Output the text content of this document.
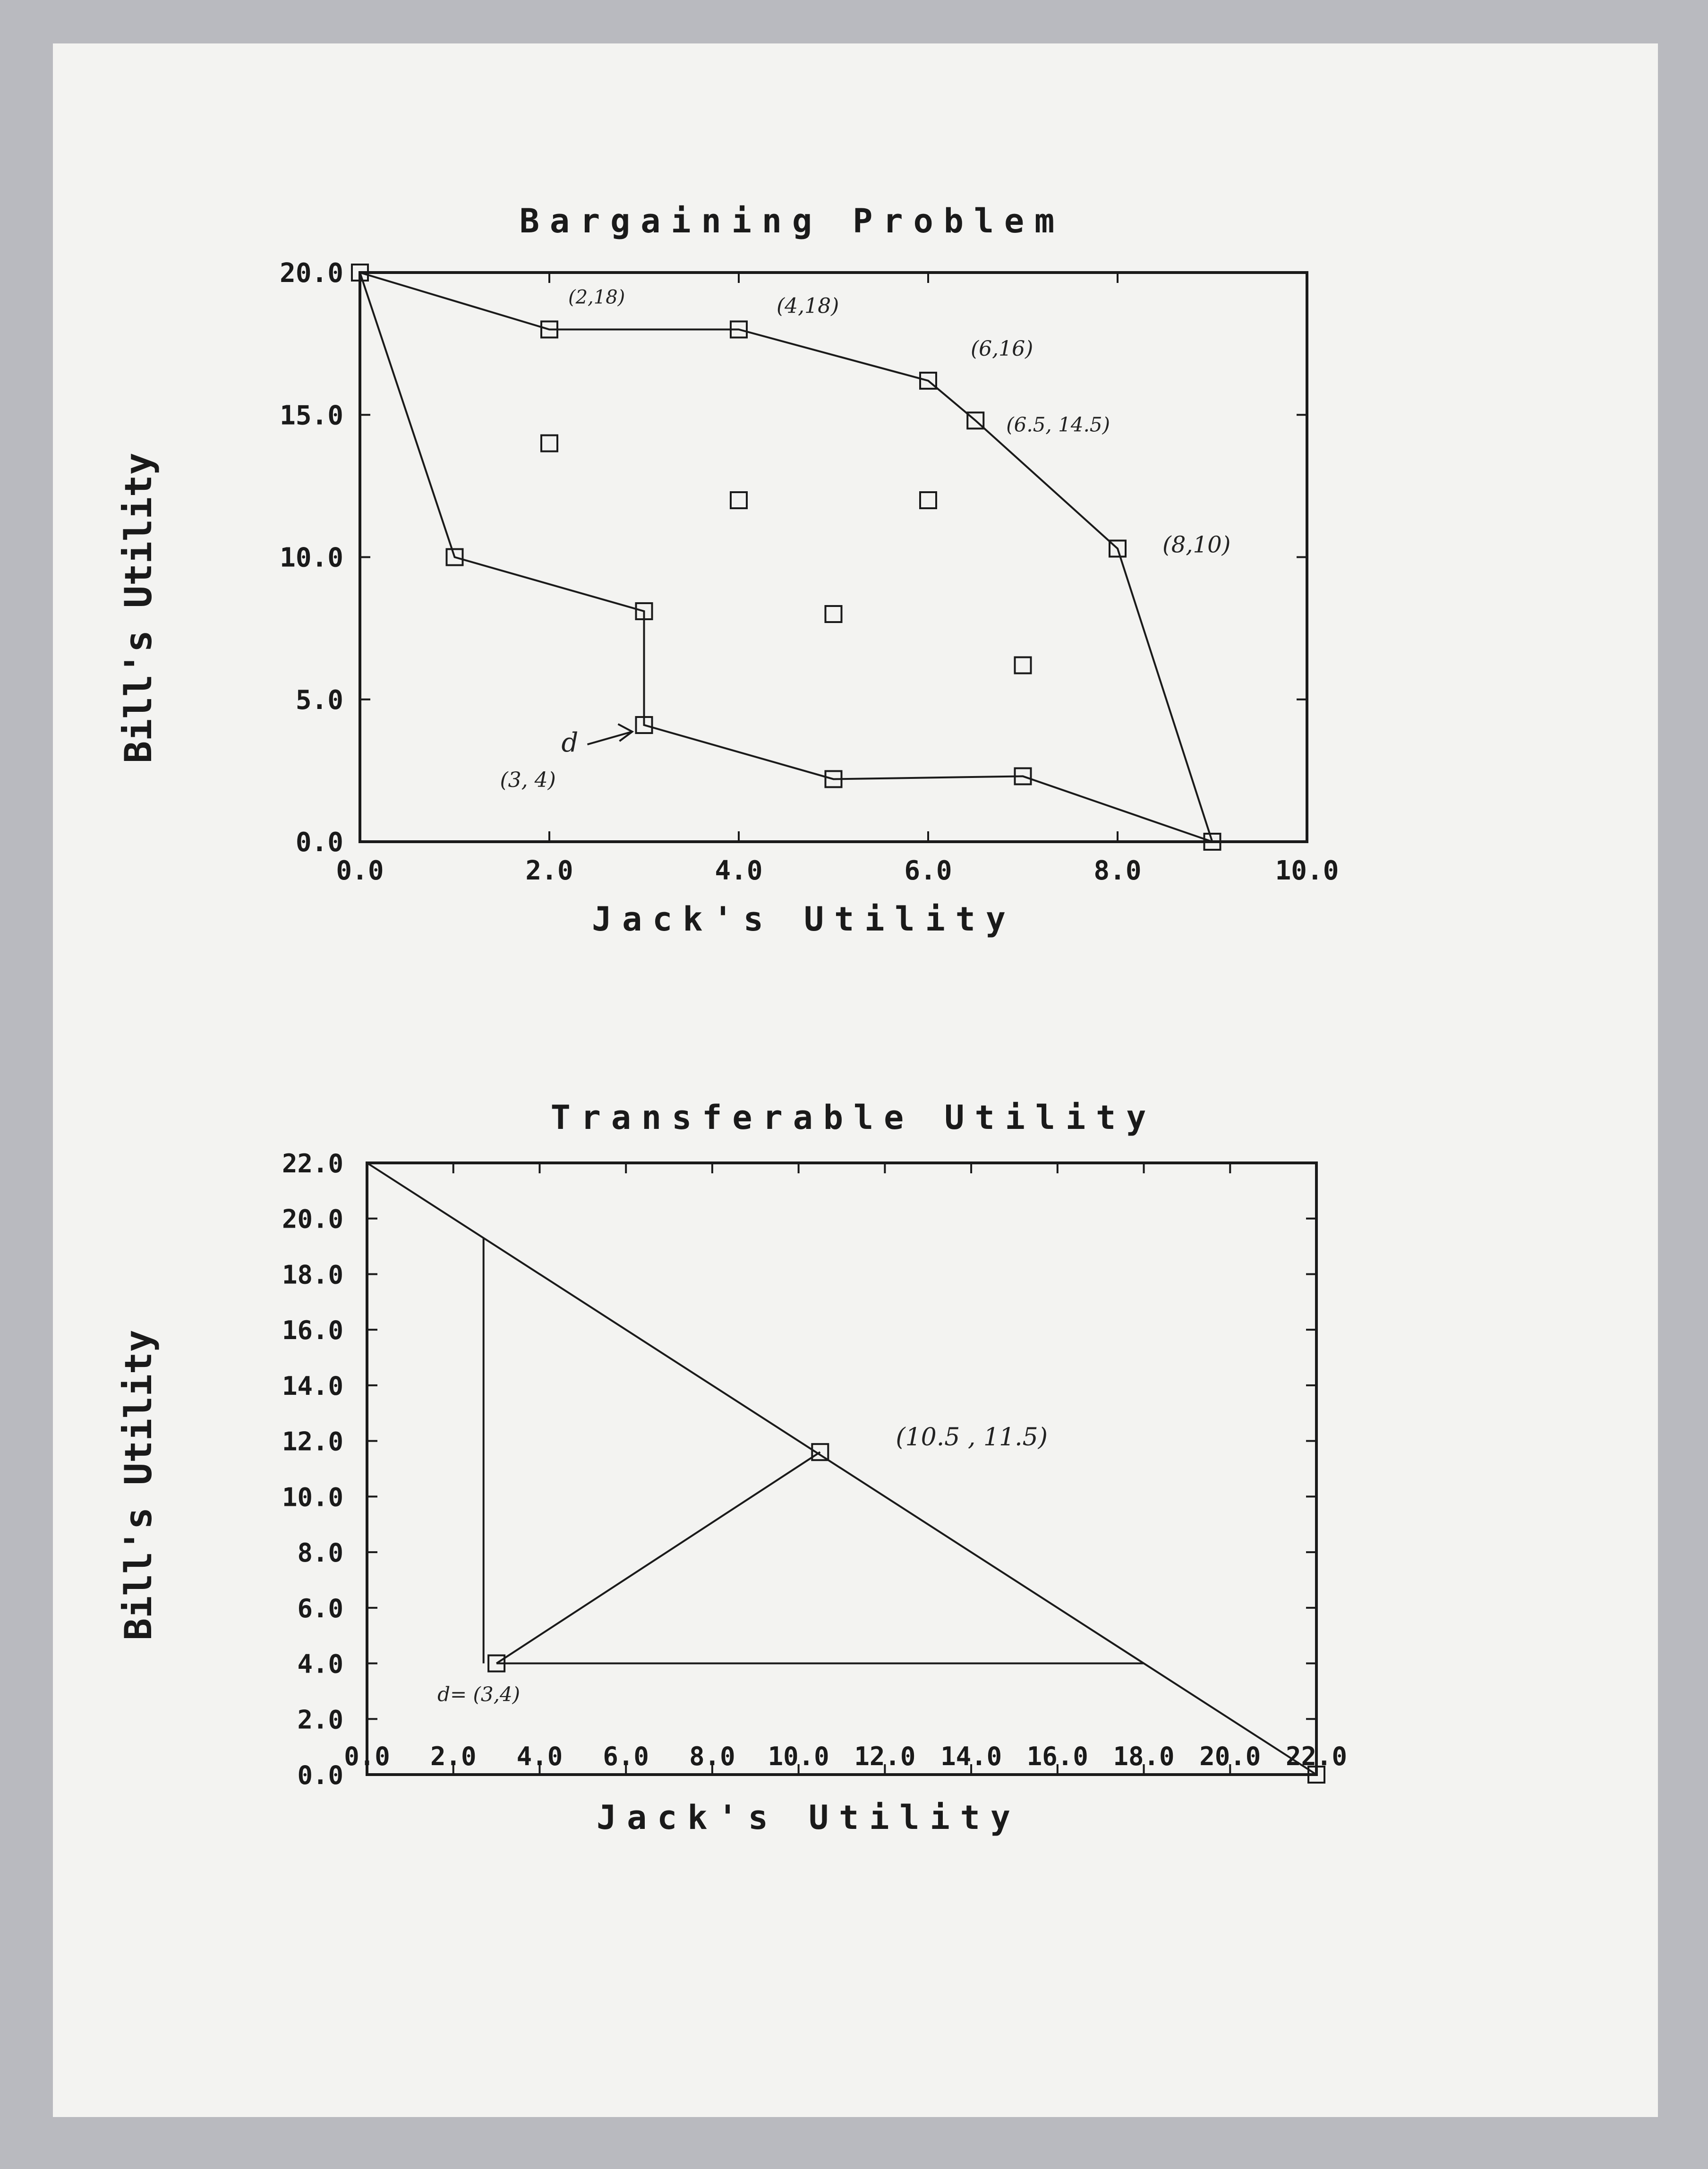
Bargaining Problem
Jack's Utility
Bill's Utility
0.0	2.0	4.0	6.0	8.0	10.0
0.0
5.0
10.0
15.0
20.0
(2,18)	(4,18)
(6,16)
(6.5, 14.5)
(8,10)
d
(3, 4)
Transferable Utility
Jack's Utility
Bill's Utility
0.0 2.0 4.0 6.0 8.0 10.0 12.0 14.0 16.0 18.0 20.0 22.0
0.0
2.0
4.0
6.0
8.0
10.0
12.0
14.0
16.0
18.0
20.0
22.0
(10.5 , 11.5)
d= (3,4)
